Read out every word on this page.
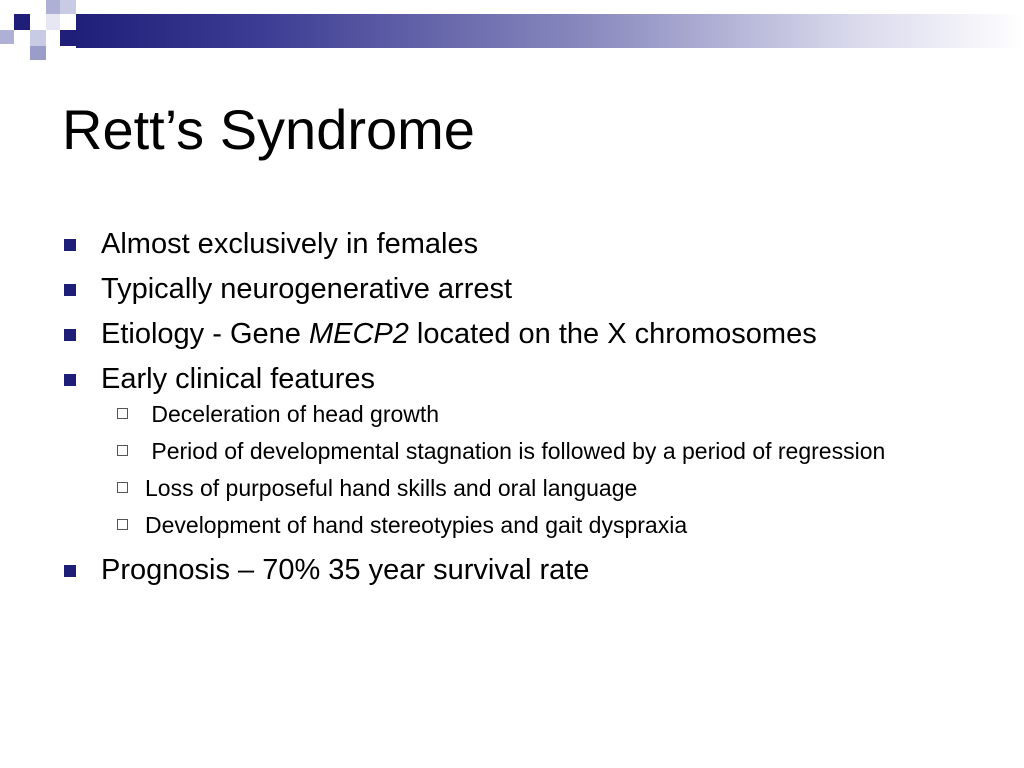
Rett’s Syndrome
Almost exclusively in females
Typically neurogenerative arrest
Etiology - Gene MECP2 located on the X chromosomes
Early clinical features
Deceleration of head growth
Period of developmental stagnation is followed by a period of regression
Loss of purposeful hand skills and oral language
Development of hand stereotypies and gait dyspraxia
Prognosis – 70% 35 year survival rate
